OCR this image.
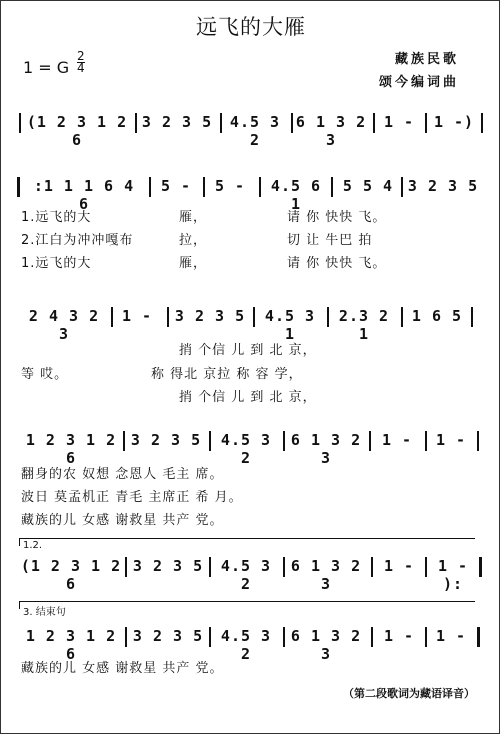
远飞的大雁
藏族民歌
颂今编词曲
1 = G
2
4
(1 2 3 1 2 6
3 2 3 5	4.5 3 2
6 1 3 2 3
1 -	1 -)
:1 1 1 6 4 6
5 -	5 -	4.5 6 1
5 5 4 3 2 3 5
1.远飞的大	雁，	请 你 快快 飞。
2.江白为冲冲嘎布	拉，	切 让 牛巴 拍
1.远飞的大	雁，	请 你 快快 飞。
2 4 3 2 3
1 -	3 2 3 5	4.5 3 1
2.3 2 1
1 6 5
捎 个信 儿 到 北 京，
等 哎。	称 得北 京拉 称 容 学，
捎 个信 儿 到 北 京，
1 2 3 1 2 6
3 2 3 5	4.5 3 2
6 1 3 2 3
1 -	1 -
翻身的农 奴想 念恩人 毛主 席。
波日 莫孟机正 青毛 主席正 希 月。
藏族的儿 女感 谢救星 共产 党。
1.2.
(1 2 3 1 2 6
3 2 3 5	4.5 3 2
6 1 3 2 3
1 -	1 - ):
3. 结束句
1 2 3 1 2 6
3 2 3 5	4.5 3 2
6 1 3 2 3
1 -	1 -
藏族的儿 女感 谢救星 共产 党。
（第二段歌词为藏语译音）
